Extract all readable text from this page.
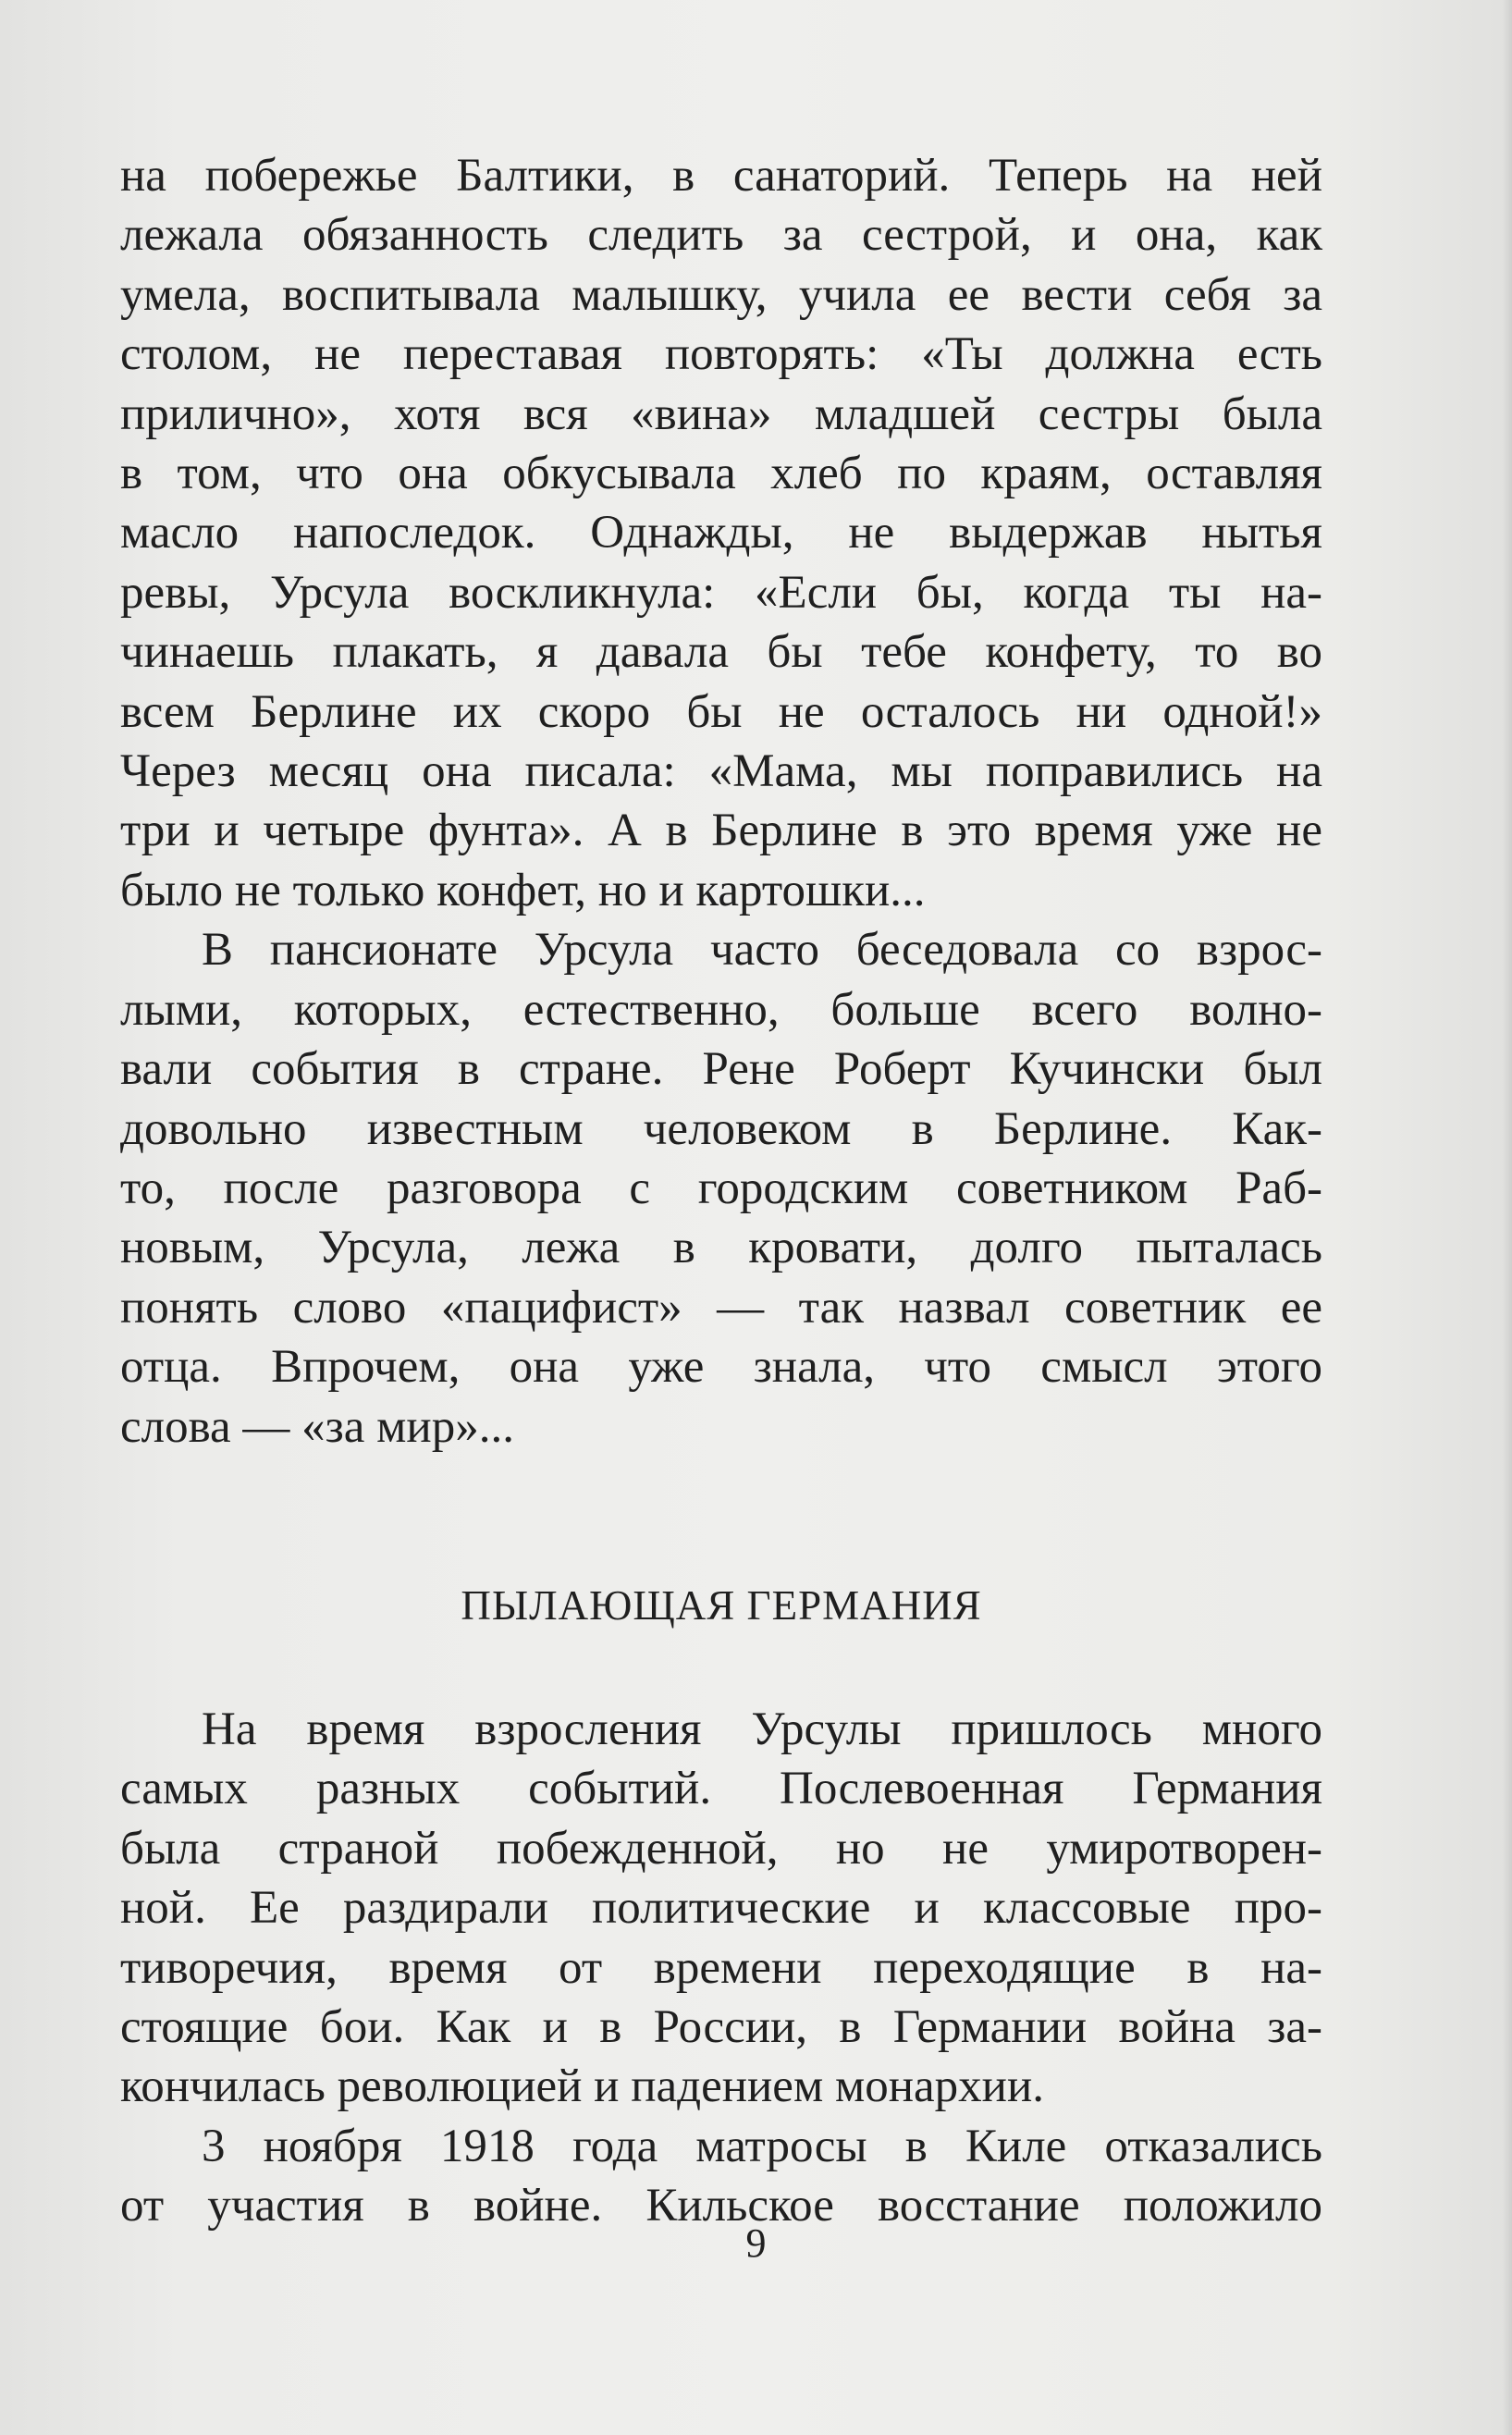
на побережье Балтики, в санаторий. Теперь на ней
лежала обязанность следить за сестрой, и она, как
умела, воспитывала малышку, учила ее вести себя за
столом, не переставая повторять: «Ты должна есть
прилично», хотя вся «вина» младшей сестры была
в том, что она обкусывала хлеб по краям, оставляя
масло напоследок. Однажды, не выдержав нытья
ревы, Урсула воскликнула: «Если бы, когда ты на-
чинаешь плакать, я давала бы тебе конфету, то во
всем Берлине их скоро бы не осталось ни одной!»
Через месяц она писала: «Мама, мы поправились на
три и четыре фунта». А в Берлине в это время уже не
было не только конфет, но и картошки...

В пансионате Урсула часто беседовала со взрос-
лыми, которых, естественно, больше всего волно-
вали события в стране. Рене Роберт Кучински был
довольно известным человеком в Берлине. Как-
то, после разговора с городским советником Раб-
новым, Урсула, лежа в кровати, долго пыталась
понять слово «пацифист» — так назвал советник ее
отца. Впрочем, она уже знала, что смысл этого
слова — «за мир»...

ПЫЛАЮЩАЯ ГЕРМАНИЯ

На время взросления Урсулы пришлось много
самых разных событий. Послевоенная Германия
была страной побежденной, но не умиротворен-
ной. Ее раздирали политические и классовые про-
тиворечия, время от времени переходящие в на-
стоящие бои. Как и в России, в Германии война за-
кончилась революцией и падением монархии.

3 ноября 1918 года матросы в Киле отказались
от участия в войне. Кильское восстание положило

9
